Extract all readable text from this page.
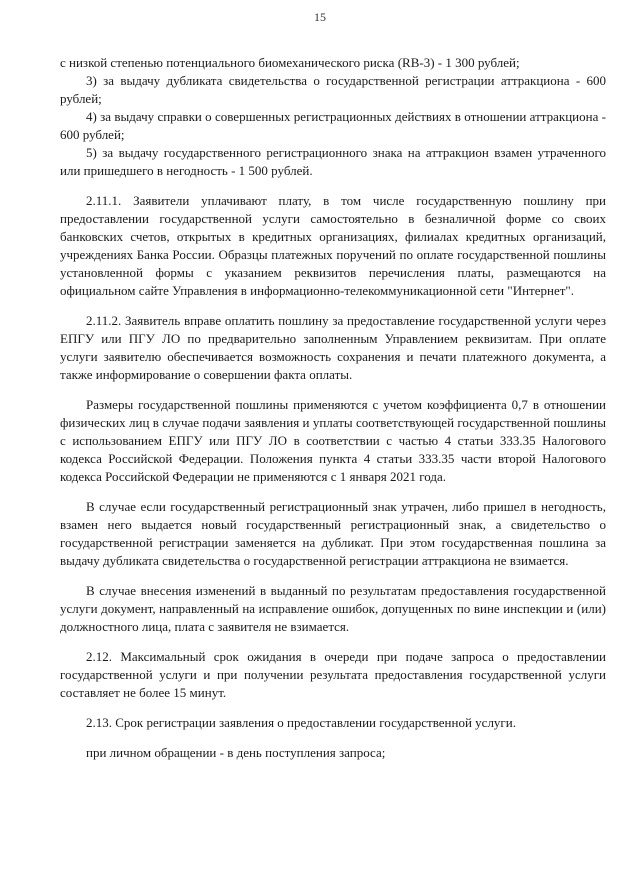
15

с низкой степенью потенциального биомеханического риска (RB-3) - 1 300 рублей;

3) за выдачу дубликата свидетельства о государственной регистрации аттракциона - 600 рублей;

4) за выдачу справки о совершенных регистрационных действиях в отношении аттракциона - 600 рублей;

5) за выдачу государственного регистрационного знака на аттракцион взамен утраченного или пришедшего в негодность - 1 500 рублей.

2.11.1. Заявители уплачивают плату, в том числе государственную пошлину при предоставлении государственной услуги самостоятельно в безналичной форме со своих банковских счетов, открытых в кредитных организациях, филиалах кредитных организаций, учреждениях Банка России. Образцы платежных поручений по оплате государственной пошлины установленной формы с указанием реквизитов перечисления платы, размещаются на официальном сайте Управления в информационно-телекоммуникационной сети "Интернет".

2.11.2. Заявитель вправе оплатить пошлину за предоставление государственной услуги через ЕПГУ или ПГУ ЛО по предварительно заполненным Управлением реквизитам. При оплате услуги заявителю обеспечивается возможность сохранения и печати платежного документа, а также информирование о совершении факта оплаты.

Размеры государственной пошлины применяются с учетом коэффициента 0,7 в отношении физических лиц в случае подачи заявления и уплаты соответствующей государственной пошлины с использованием ЕПГУ или ПГУ ЛО в соответствии с частью 4 статьи 333.35 Налогового кодекса Российской Федерации. Положения пункта 4 статьи 333.35 части второй Налогового кодекса Российской Федерации не применяются с 1 января 2021 года.

В случае если государственный регистрационный знак утрачен, либо пришел в негодность, взамен него выдается новый государственный регистрационный знак, а свидетельство о государственной регистрации заменяется на дубликат. При этом государственная пошлина за выдачу дубликата свидетельства о государственной регистрации аттракциона не взимается.

В случае внесения изменений в выданный по результатам предоставления государственной услуги документ, направленный на исправление ошибок, допущенных по вине инспекции и (или) должностного лица, плата с заявителя не взимается.

2.12. Максимальный срок ожидания в очереди при подаче запроса о предоставлении государственной услуги и при получении результата предоставления государственной услуги составляет не более 15 минут.

2.13. Срок регистрации заявления о предоставлении государственной услуги.

при личном обращении - в день поступления запроса;
